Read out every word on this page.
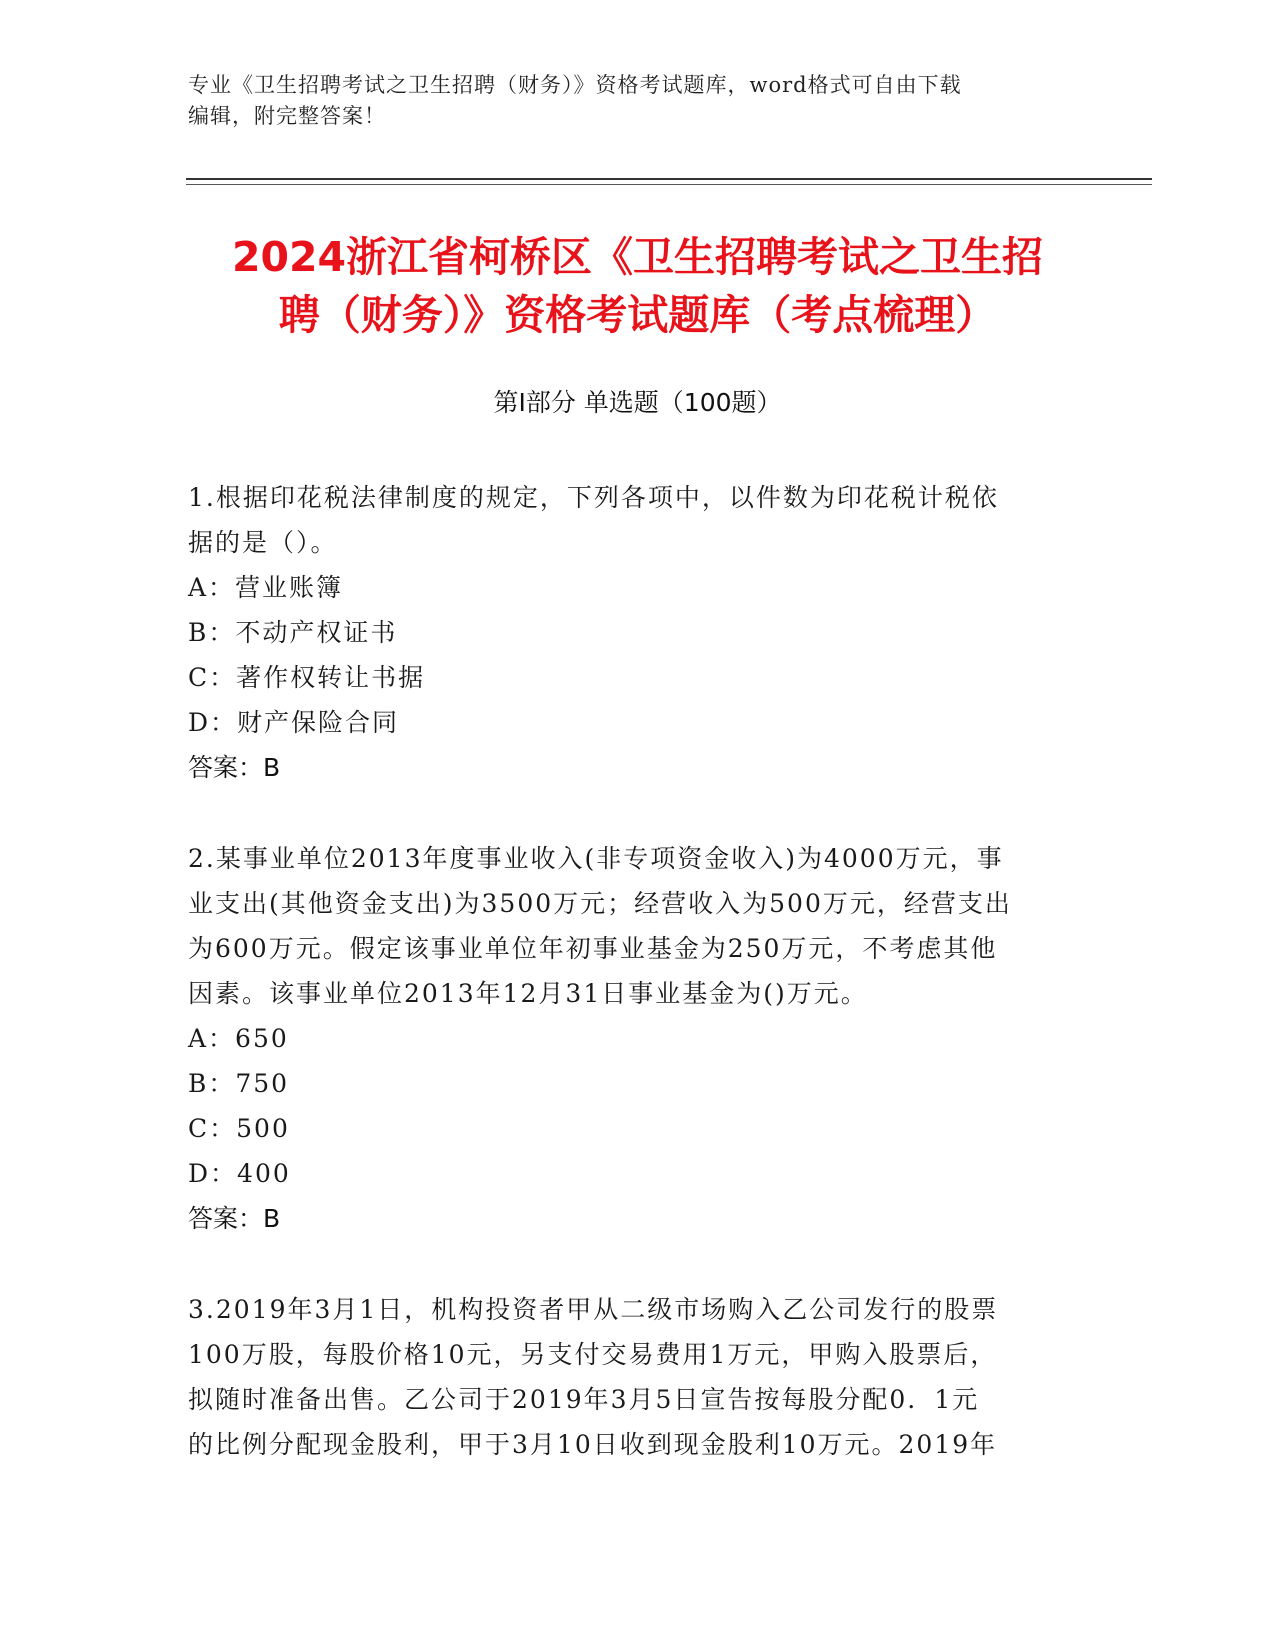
专业《卫生招聘考试之卫生招聘（财务）》资格考试题库，word格式可自由下载
编辑，附完整答案！
2024浙江省柯桥区《卫生招聘考试之卫生招
聘（财务）》资格考试题库（考点梳理）
第Ⅰ部分 单选题（100题）
1.根据印花税法律制度的规定，下列各项中，以件数为印花税计税依
据的是（）。
A：营业账簿
B：不动产权证书
C：著作权转让书据
D：财产保险合同
答案：B
2.某事业单位2013年度事业收入(非专项资金收入)为4000万元，事
业支出(其他资金支出)为3500万元；经营收入为500万元，经营支出
为600万元。假定该事业单位年初事业基金为250万元，不考虑其他
因素。该事业单位2013年12月31日事业基金为()万元。
A：650
B：750
C：500
D：400
答案：B
3.2019年3月1日，机构投资者甲从二级市场购入乙公司发行的股票
100万股，每股价格10元，另支付交易费用1万元，甲购入股票后，
拟随时准备出售。乙公司于2019年3月5日宣告按每股分配0．1元
的比例分配现金股利，甲于3月10日收到现金股利10万元。2019年
